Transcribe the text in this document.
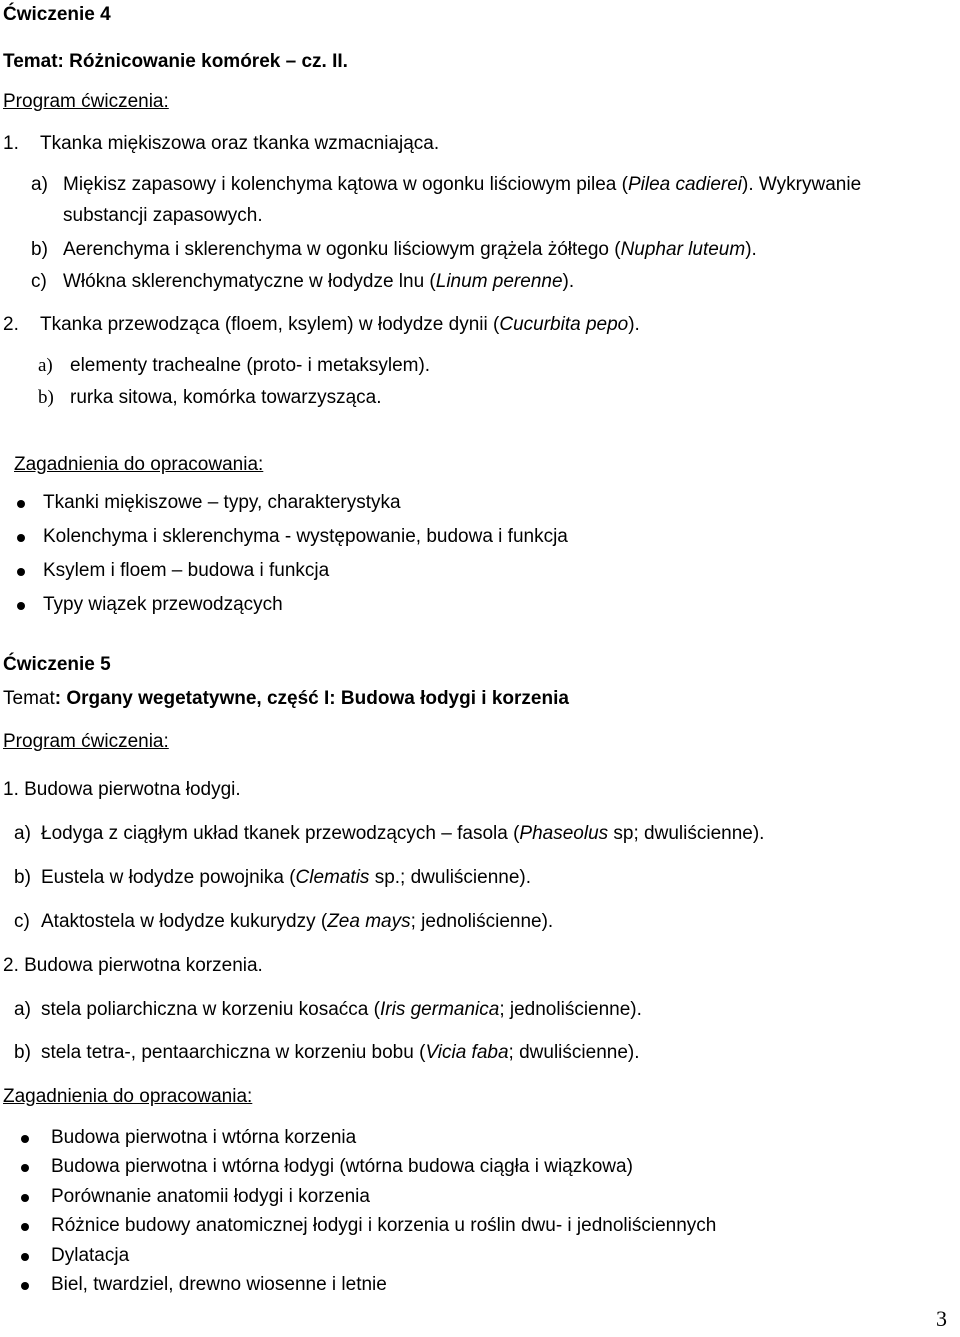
Ćwiczenie 4
Temat: Różnicowanie komórek – cz. II.
Program ćwiczenia:
1. Tkanka miękiszowa oraz tkanka wzmacniająca.
a) Miękisz zapasowy i kolenchyma kątowa w ogonku liściowym pilea (Pilea cadierei). Wykrywanie
substancji zapasowych.
b) Aerenchyma i sklerenchyma w ogonku liściowym grążela żółtego (Nuphar luteum).
c) Włókna sklerenchymatyczne w łodydze lnu (Linum perenne).
2. Tkanka przewodząca (floem, ksylem) w łodydze dynii (Cucurbita pepo).
a) elementy trachealne (proto- i metaksylem).
b) rurka sitowa, komórka towarzysząca.
Zagadnienia do opracowania:
Tkanki miękiszowe – typy, charakterystyka
Kolenchyma i sklerenchyma - występowanie, budowa i funkcja
Ksylem i floem – budowa i funkcja
Typy wiązek przewodzących
Ćwiczenie 5
Temat: Organy wegetatywne, część I: Budowa łodygi i korzenia
Program ćwiczenia:
1. Budowa pierwotna łodygi.
a) Łodyga z ciągłym układ tkanek przewodzących – fasola (Phaseolus sp; dwuliścienne).
b) Eustela w łodydze powojnika (Clematis sp.; dwuliścienne).
c) Ataktostela w łodydze kukurydzy (Zea mays; jednoliścienne).
2. Budowa pierwotna korzenia.
a) stela poliarchiczna w korzeniu kosaćca (Iris germanica; jednoliścienne).
b) stela tetra-, pentaarchiczna w korzeniu bobu (Vicia faba; dwuliścienne).
Zagadnienia do opracowania:
Budowa pierwotna i wtórna korzenia
Budowa pierwotna i wtórna łodygi (wtórna budowa ciągła i wiązkowa)
Porównanie anatomii łodygi i korzenia
Różnice budowy anatomicznej łodygi i korzenia u roślin dwu- i jednoliściennych
Dylatacja
Biel, twardziel, drewno wiosenne i letnie
3
